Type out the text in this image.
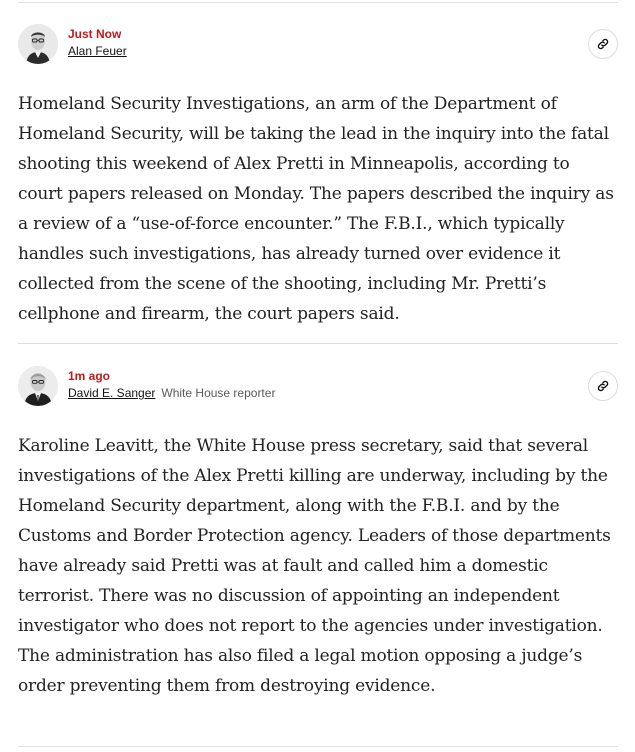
Just Now
Alan Feuer

Homeland Security Investigations, an arm of the Department of Homeland Security, will be taking the lead in the inquiry into the fatal shooting this weekend of Alex Pretti in Minneapolis, according to court papers released on Monday. The papers described the inquiry as a review of a “use-of-force encounter.” The F.B.I., which typically handles such investigations, has already turned over evidence it collected from the scene of the shooting, including Mr. Pretti’s cellphone and firearm, the court papers said.

1m ago
David E. Sanger White House reporter

Karoline Leavitt, the White House press secretary, said that several investigations of the Alex Pretti killing are underway, including by the Homeland Security department, along with the F.B.I. and by the Customs and Border Protection agency. Leaders of those departments have already said Pretti was at fault and called him a domestic terrorist. There was no discussion of appointing an independent investigator who does not report to the agencies under investigation. The administration has also filed a legal motion opposing a judge’s order preventing them from destroying evidence.
